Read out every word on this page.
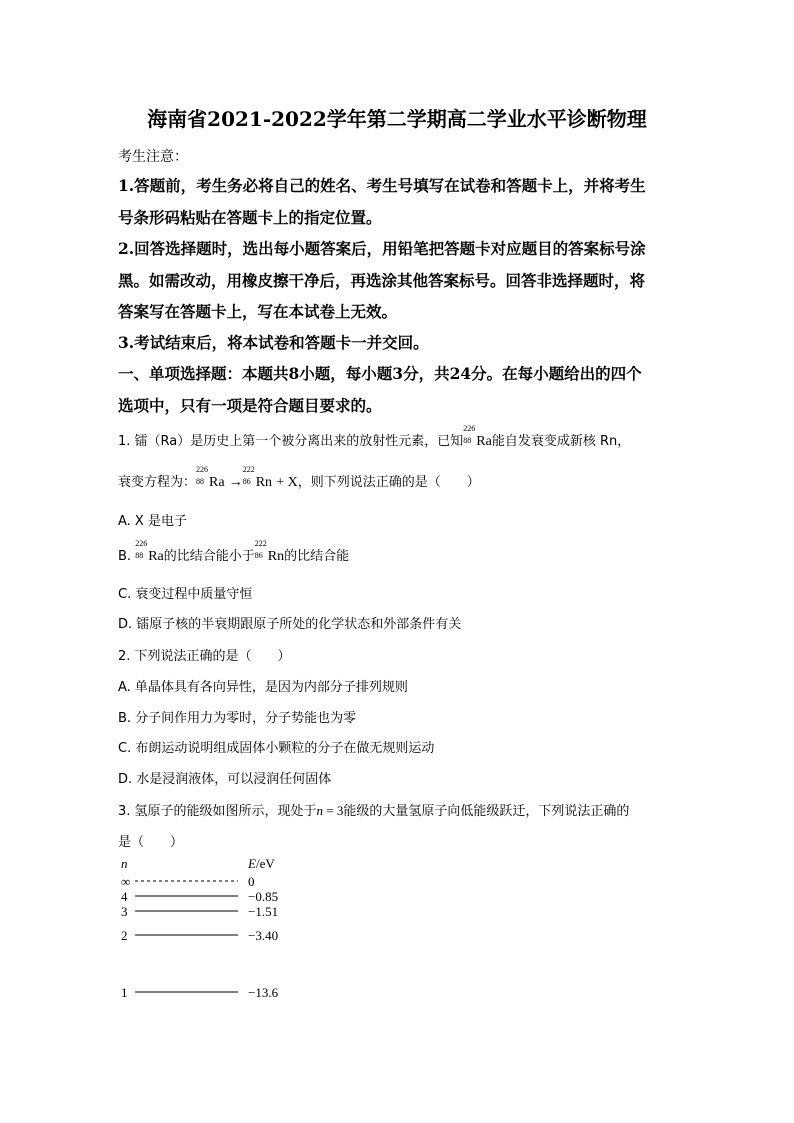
海南省2021-2022学年第二学期高二学业水平诊断物理
考生注意：
1.答题前，考生务必将自己的姓名、考生号填写在试卷和答题卡上，并将考生
号条形码粘贴在答题卡上的指定位置。
2.回答选择题时，选出每小题答案后，用铅笔把答题卡对应题目的答案标号涂
黑。如需改动，用橡皮擦干净后，再选涂其他答案标号。回答非选择题时，将
答案写在答题卡上，写在本试卷上无效。
3.考试结束后，将本试卷和答题卡一并交回。
一、单项选择题：本题共8小题，每小题3分，共24分。在每小题给出的四个
选项中，只有一项是符合题目要求的。
1. 镭（Ra）是历史上第一个被分离出来的放射性元素，已知
226
88 Ra能自发衰变成新核 Rn，
衰变方程为：
226
88 Ra →
222
86 Rn + X，则下列说法正确的是（　　）
A. X 是电子
B.
226
88 Ra的比结合能小于
222
86 Rn的比结合能
C. 衰变过程中质量守恒
D. 镭原子核的半衰期跟原子所处的化学状态和外部条件有关
2. 下列说法正确的是（　　）
A. 单晶体具有各向异性，是因为内部分子排列规则
B. 分子间作用力为零时，分子势能也为零
C. 布朗运动说明组成固体小颗粒的分子在做无规则运动
D. 水是浸润液体，可以浸润任何固体
3. 氢原子的能级如图所示，现处于n = 3能级的大量氢原子向低能级跃迁，下列说法正确的
是（　　）
n	E/eV
∞	0
4	−0.85
3	−1.51
2	−3.40
1	−13.6
